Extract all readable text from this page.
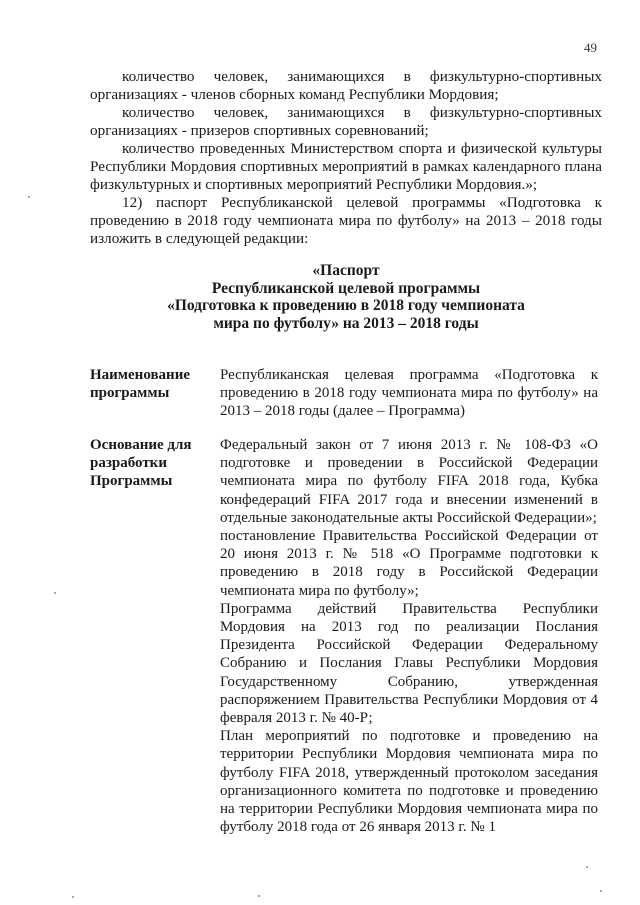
49

количество человек, занимающихся в физкультурно-спортивных организациях - членов сборных команд Республики Мордовия;

количество человек, занимающихся в физкультурно-спортивных организациях - призеров спортивных соревнований;

количество проведенных Министерством спорта и физической культуры Республики Мордовия спортивных мероприятий в рамках календарного плана физкультурных и спортивных мероприятий Республики Мордовия.»;

12) паспорт Республиканской целевой программы «Подготовка к проведению в 2018 году чемпионата мира по футболу» на 2013 – 2018 годы изложить в следующей редакции:

«Паспорт
Республиканской целевой программы
«Подготовка к проведению в 2018 году чемпионата
мира по футболу» на 2013 – 2018 годы
Наименование программы

Республиканская целевая программа «Подготовка к проведению в 2018 году чемпионата мира по футболу» на 2013 – 2018 годы (далее – Программа)

Основание для разработки Программы

Федеральный закон от 7 июня 2013 г. № 108-ФЗ «О подготовке и проведении в Российской Федерации чемпионата мира по футболу FIFA 2018 года, Кубка конфедераций FIFA 2017 года и внесении изменений в отдельные законодательные акты Российской Федерации»;

постановление Правительства Российской Федерации от 20 июня 2013 г. № 518 «О Программе подготовки к проведению в 2018 году в Российской Федерации чемпионата мира по футболу»;

Программа действий Правительства Республики Мордовия на 2013 год по реализации Послания Президента Российской Федерации Федеральному Собранию и Послания Главы Республики Мордовия Государственному Собранию, утвержденная распоряжением Правительства Республики Мордовия от 4 февраля 2013 г. № 40-Р;

План мероприятий по подготовке и проведению на территории Республики Мордовия чемпионата мира по футболу FIFA 2018, утвержденный протоколом заседания организационного комитета по подготовке и проведению на территории Республики Мордовия чемпионата мира по футболу 2018 года от 26 января 2013 г. № 1
